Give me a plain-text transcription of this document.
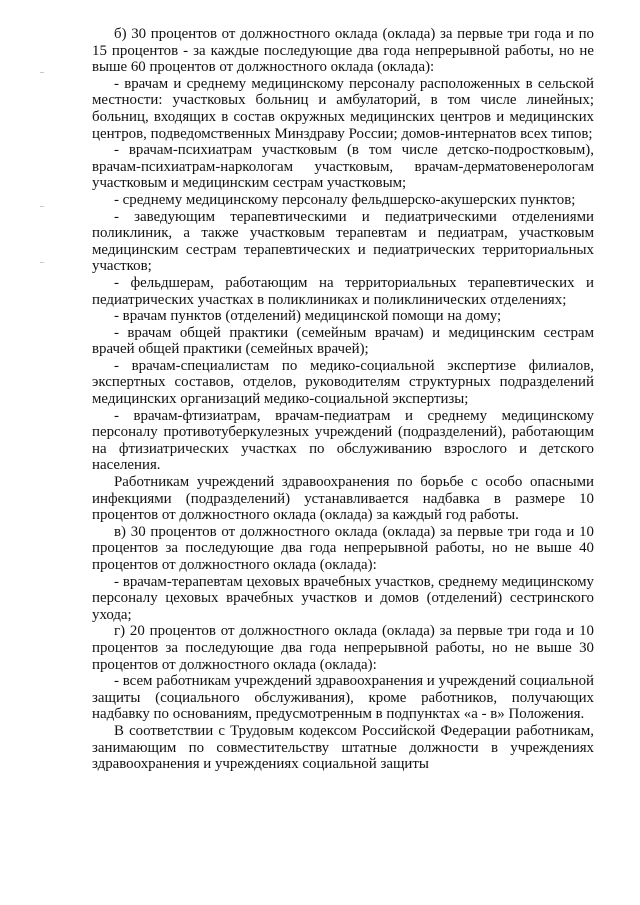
б) 30 процентов от должностного оклада (оклада) за первые три года и по 15 процентов - за каждые последующие два года непрерывной работы, но не выше 60 процентов от должностного оклада (оклада):

- врачам и среднему медицинскому персоналу расположенных в сельской местности: участковых больниц и амбулаторий, в том числе линейных; больниц, входящих в состав окружных медицинских центров и медицинских центров, подведомственных Минздраву России; домов-интернатов всех типов;

- врачам-психиатрам участковым (в том числе детско-подростковым), врачам-психиатрам-наркологам участковым, врачам-дерматовенерологам участковым и медицинским сестрам участковым;

- среднему медицинскому персоналу фельдшерско-акушерских пунктов;

- заведующим терапевтическими и педиатрическими отделениями поликлиник, а также участковым терапевтам и педиатрам, участковым медицинским сестрам терапевтических и педиатрических территориальных участков;

- фельдшерам, работающим на территориальных терапевтических и педиатрических участках в поликлиниках и поликлинических отделениях;

- врачам пунктов (отделений) медицинской помощи на дому;

- врачам общей практики (семейным врачам) и медицинским сестрам врачей общей практики (семейных врачей);

- врачам-специалистам по медико-социальной экспертизе филиалов, экспертных составов, отделов, руководителям структурных подразделений медицинских организаций медико-социальной экспертизы;

- врачам-фтизиатрам, врачам-педиатрам и среднему медицинскому персоналу противотуберкулезных учреждений (подразделений), работающим на фтизиатрических участках по обслуживанию взрослого и детского населения.

Работникам учреждений здравоохранения по борьбе с особо опасными инфекциями (подразделений) устанавливается надбавка в размере 10 процентов от должностного оклада (оклада) за каждый год работы.

в) 30 процентов от должностного оклада (оклада) за первые три года и 10 процентов за последующие два года непрерывной работы, но не выше 40 процентов от должностного оклада (оклада):

- врачам-терапевтам цеховых врачебных участков, среднему медицинскому персоналу цеховых врачебных участков и домов (отделений) сестринского ухода;

г) 20 процентов от должностного оклада (оклада) за первые три года и 10 процентов за последующие два года непрерывной работы, но не выше 30 процентов от должностного оклада (оклада):

- всем работникам учреждений здравоохранения и учреждений социальной защиты (социального обслуживания), кроме работников, получающих надбавку по основаниям, предусмотренным в подпунктах «а - в» Положения.

В соответствии с Трудовым кодексом Российской Федерации работникам, занимающим по совместительству штатные должности в учреждениях здравоохранения и учреждениях социальной защиты
